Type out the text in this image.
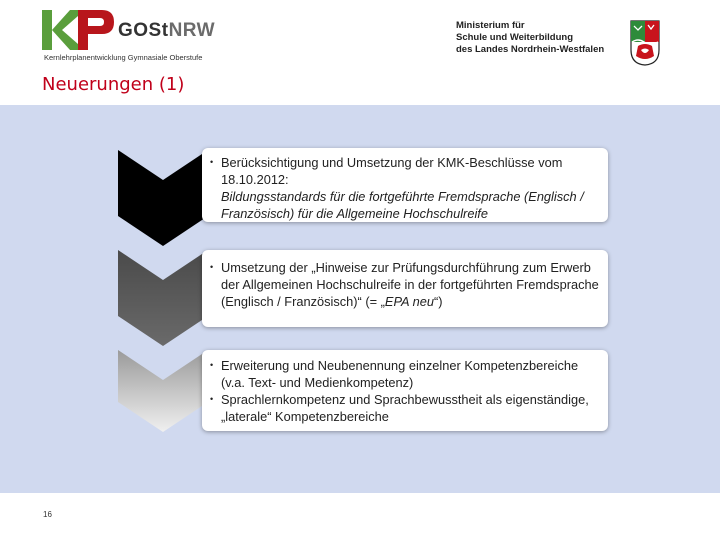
GOStNRW
Kernlehrplanentwicklung Gymnasiale Oberstufe
Ministerium für
Schule und Weiterbildung
des Landes Nordrhein-Westfalen
Neuerungen (1)
• Berücksichtigung und Umsetzung der KMK-Beschlüsse vom 18.10.2012:
Bildungsstandards für die fortgeführte Fremdsprache (Englisch / Französisch) für die Allgemeine Hochschulreife
• Umsetzung der „Hinweise zur Prüfungsdurchführung zum Erwerb der Allgemeinen Hochschulreife in der fortgeführten Fremdsprache (Englisch / Französisch)“ (= „EPA neu“)
• Erweiterung und Neubenennung einzelner Kompetenzbereiche (v.a. Text- und Medienkompetenz)
• Sprachlernkompetenz und Sprachbewusstheit als eigenständige, „laterale“ Kompetenzbereiche
16
